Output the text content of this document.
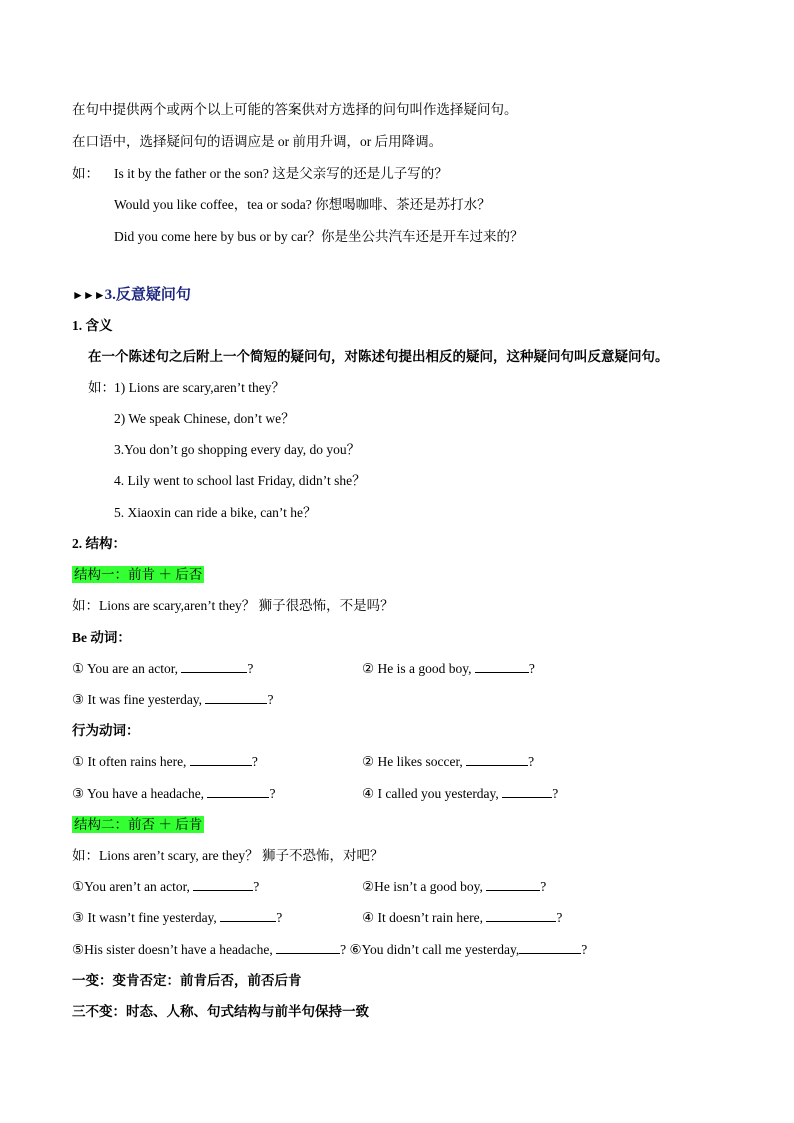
在句中提供两个或两个以上可能的答案供对方选择的问句叫作选择疑问句。
在口语中，选择疑问句的语调应是 or 前用升调，or 后用降调。
如： Is it by the father or the son? 这是父亲写的还是儿子写的？
Would you like coffee，tea or soda? 你想喝咖啡、茶还是苏打水？
Did you come here by bus or by car？你是坐公共汽车还是开车过来的？
►►►3.反意疑问句
1. 含义
在一个陈述句之后附上一个简短的疑问句，对陈述句提出相反的疑问，这种疑问句叫反意疑问句。
如： 1) Lions are scary,aren’t they？
2) We speak Chinese, don’t we？
3.You don’t go shopping every day, do you？
4. Lily went to school last Friday, didn’t she？
5. Xiaoxin can ride a bike, can’t he？
2. 结构：
结构一：前肯 ＋ 后否
如：Lions are scary,aren’t they？ 狮子很恐怖，不是吗？
Be 动词：
① You are an actor,	?	② He is a good boy,	?
③ It was fine yesterday,	?
行为动词：
① It often rains here,	?	② He likes soccer,	?
③ You have a headache,	?	④ I called you yesterday,	?
结构二：前否 ＋ 后肯
如：Lions aren’t scary, are they？ 狮子不恐怖，对吧？
①You aren’t an actor,	?	②He isn’t a good boy,	?
③ It wasn’t fine yesterday,	?	④ It doesn’t rain here,	?
⑤His sister doesn’t have a headache,	? ⑥You didn’t call me yesterday,	?
一变：变肯否定：前肯后否，前否后肯
三不变：时态、人称、句式结构与前半句保持一致
